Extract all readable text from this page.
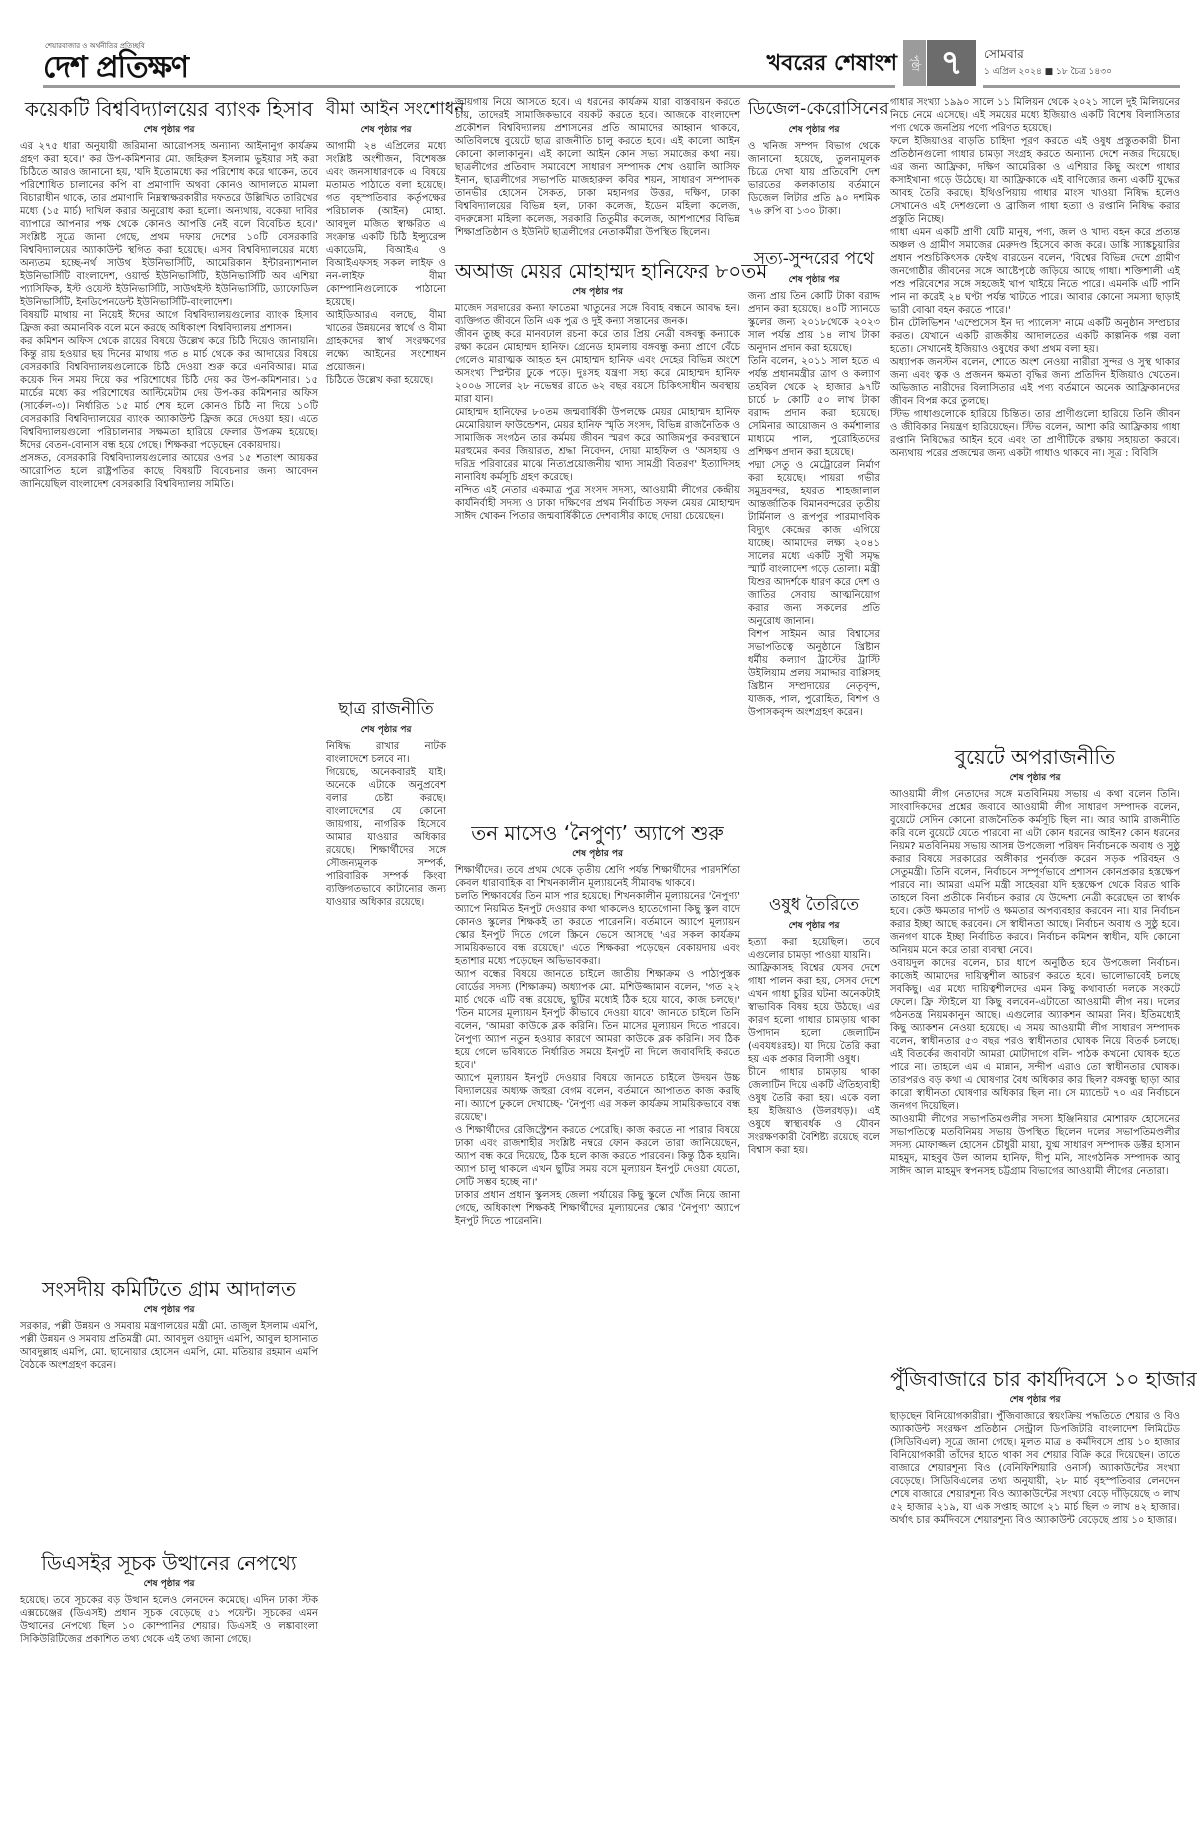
শেয়ারবাজার ও অর্থনীতির প্রতিচ্ছবি
দেশ প্রতিক্ষণ	খবরের শেষাংশ	পৃষ্ঠা ৭	সোমবার
১ এপ্রিল ২০২৪ ■ ১৮ চৈত্র ১৪৩০
কয়েকটি বিশ্ববিদ্যালয়ের ব্যাংক হিসাব
শেষ পৃষ্ঠার পর

এর ২৭৫ ধারা অনুযায়ী জরিমানা আরোপসহ অন্যান্য আইনানুগ কার্যক্রম গ্রহণ করা হবে।' কর উপ-কমিশনার মো. জহিরুল ইসলাম ভুইয়ার সই করা চিঠিতে আরও জানানো হয়, 'যদি ইতোমধ্যে কর পরিশোধ করে থাকেন, তবে পরিশোধিত চালানের কপি বা প্রমাণাদি অথবা কোনও আদালতে মামলা বিচারাধীন থাকে, তার প্রমাণাদি নিম্নস্বাক্ষরকারীর দফতরে উল্লিখিত তারিখের মধ্যে (১৫ মার্চ) দাখিল করার অনুরোধ করা হলো। অন্যথায়, বকেয়া দাবির ব্যাপারে আপনার পক্ষ থেকে কোনও আপত্তি নেই বলে বিবেচিত হবে।' সংশ্লিষ্ট সূত্রে জানা গেছে, প্রথম দফায় দেশের ১০টি বেসরকারি বিশ্ববিদ্যালয়ের অ্যাকাউন্ট স্থগিত করা হয়েছে। এসব বিশ্ববিদ্যালয়ের মধ্যে অন্যতম হচ্ছে-নর্থ সাউথ ইউনিভার্সিটি, আমেরিকান ইন্টারন্যাশনাল ইউনিভার্সিটি বাংলাদেশ, ওয়ার্ল্ড ইউনিভার্সিটি, ইউনিভার্সিটি অব এশিয়া প্যাসিফিক, ইস্ট ওয়েস্ট ইউনিভার্সিটি, সাউথইস্ট ইউনিভার্সিটি, ড্যাফোডিল ইউনিভার্সিটি, ইনডিপেনডেন্ট ইউনিভার্সিটি-বাংলাদেশ।

বিষয়টি মাথায় না নিয়েই ঈদের আগে বিশ্ববিদ্যালয়গুলোর ব্যাংক হিসাব ফ্রিজ করা অমানবিক বলে মনে করছে অধিকাংশ বিশ্ববিদ্যালয় প্রশাসন।

কর কমিশন অফিস থেকে রায়ের বিষয়ে উল্লেখ করে চিঠি দিয়েও জানায়নি। কিন্তু রায় হওয়ার ছয় দিনের মাথায় গত ৪ মার্চ থেকে কর আদায়ের বিষয়ে বেসরকারি বিশ্ববিদ্যালয়গুলোকে চিঠি দেওয়া শুরু করে এনবিআর। মাত্র কয়েক দিন সময় দিয়ে কর পরিশোধের চিঠি দেয় কর উপ-কমিশনার। ১৫ মার্চের মধ্যে কর পরিশোধের আল্টিমেটাম দেয় উপ-কর কমিশনার অফিস (সার্কেল-৩)। নির্ধারিত ১৫ মার্চ শেষ হলে কোনও চিঠি না দিয়ে ১০টি বেসরকারি বিশ্ববিদ্যালয়ের ব্যাংক অ্যাকাউন্ট ফ্রিজ করে দেওয়া হয়। এতে বিশ্ববিদ্যালয়গুলো পরিচালনার সক্ষমতা হারিয়ে ফেলার উপক্রম হয়েছে। ঈদের বেতন-বোনাস বন্ধ হয়ে গেছে। শিক্ষকরা পড়েছেন বেকায়দায়।

প্রসঙ্গত, বেসরকারি বিশ্ববিদ্যালয়গুলোর আয়ের ওপর ১৫ শতাংশ আয়কর আরোপিত হলে রাষ্ট্রপতির কাছে বিষয়টি বিবেচনার জন্য আবেদন জানিয়েছিল বাংলাদেশ বেসরকারি বিশ্ববিদ্যালয় সমিতি।

সংসদীয় কমিটিতে গ্রাম আদালত
শেষ পৃষ্ঠার পর

সরকার, পল্লী উন্নয়ন ও সমবায় মন্ত্রণালয়ের মন্ত্রী মো. তাজুল ইসলাম এমপি, পল্লী উন্নয়ন ও সমবায় প্রতিমন্ত্রী মো. আবদুল ওয়াদুদ এমপি, আবুল হাসানাত আবদুল্লাহ এমপি, মো. ছানোয়ার হোসেন এমপি, মো. মতিয়ার রহমান এমপি বৈঠকে অংশগ্রহণ করেন।

ডিএসইর সূচক উত্থানের নেপথ্যে
শেষ পৃষ্ঠার পর

হয়েছে। তবে সূচকের বড় উত্থান হলেও লেনদেন কমেছে। এদিন ঢাকা স্টক এক্সচেঞ্জের (ডিএসই) প্রধান সূচক বেড়েছে ৫১ পয়েন্ট। সূচকের এমন উত্থানের নেপথ্যে ছিল ১০ কোম্পানির শেয়ার। ডিএসই ও লঙ্কাবাংলা সিকিউরিটিজের প্রকাশিত তথ্য থেকে এই তথ্য জানা গেছে।

বীমা আইন সংশোধন
শেষ পৃষ্ঠার পর

আগামী ২৪ এপ্রিলের মধ্যে সংশ্লিষ্ট অংশীজন, বিশেষজ্ঞ এবং জনসাধারণকে এ বিষয়ে মতামত পাঠাতে বলা হয়েছে। গত বৃহস্পতিবার কর্তৃপক্ষের পরিচালক (আইন) মোহা. আবদুল মজিত স্বাক্ষরিত এ সংক্রান্ত একটি চিঠি ইন্স্যুরেন্স একাডেমি, বিআইএ ও বিআইএফসহ সকল লাইফ ও নন-লাইফ বীমা কোম্পানিগুলোকে পাঠানো হয়েছে।

আইডিআরএ বলছে, বীমা খাতের উন্নয়নের স্বার্থে ও বীমা গ্রাহকদের স্বার্থ সংরক্ষণের লক্ষ্যে আইনের সংশোধন প্রয়োজন।

চিঠিতে উল্লেখ করা হয়েছে।

ছাত্র রাজনীতি
শেষ পৃষ্ঠার পর

নিষিদ্ধ রাখার নাটক বাংলাদেশে চলবে না।

গিয়েছে, অনেকবারই যাই। অনেকে এটাকে অনুপ্রবেশ বলার চেষ্টা করছে। বাংলাদেশের যে কোনো জায়গায়, নাগরিক হিসেবে আমার যাওয়ার অধিকার রয়েছে। শিক্ষার্থীদের সঙ্গে সৌজন্যমূলক সম্পর্ক, পারিবারিক সম্পর্ক কিংবা ব্যক্তিগতভাবে কাটানোর জন্য যাওয়ার অধিকার রয়েছে।

জায়গায় নিয়ে আসতে হবে। এ ধরনের কার্যক্রম যারা বাস্তবায়ন করতে চায়, তাদেরই সামাজিকভাবে বয়কট করতে হবে। আজকে বাংলাদেশ প্রকৌশল বিশ্ববিদ্যালয় প্রশাসনের প্রতি আমাদের আহ্বান থাকবে, অতিবিলম্বে বুয়েটে ছাত্র রাজনীতি চালু করতে হবে। এই কালো আইন কোনো কালাকানুন। এই কালো আইন কোন সভ্য সমাজের কথা নয়। ছাত্রলীগের প্রতিবাদ সমাবেশে সাধারণ সম্পাদক শেখ ওয়ালি আসিফ ইনান, ছাত্রলীগের সভাপতি মাজহারুল কবির শয়ন, সাধারণ সম্পাদক তানভীর হোসেন সৈকত, ঢাকা মহানগর উত্তর, দক্ষিণ, ঢাকা বিশ্ববিদ্যালয়ের বিভিন্ন হল, ঢাকা কলেজ, ইডেন মহিলা কলেজ, বদরুন্নেসা মহিলা কলেজ, সরকারি তিতুমীর কলেজ, আশপাশের বিভিন্ন শিক্ষাপ্রতিষ্ঠান ও ইউনিট ছাত্রলীগের নেতাকর্মীরা উপস্থিত ছিলেন।

অআজ মেয়র মোহাম্মদ হানিফের ৮০তম
শেষ পৃষ্ঠার পর

মাজেদ সরদারের কন্যা ফাতেমা খাতুনের সঙ্গে বিবাহ বন্ধনে আবদ্ধ হন। ব্যক্তিগত জীবনে তিনি এক পুত্র ও দুই কন্যা সন্তানের জনক।

জীবন তুচ্ছ করে মানবঢাল রচনা করে তার প্রিয় নেত্রী বঙ্গবন্ধু কন্যাকে রক্ষা করেন মোহাম্মদ হানিফ। গ্রেনেড হামলায় বঙ্গবন্ধু কন্যা প্রাণে বেঁচে গেলেও মারাত্মক আহত হন মোহাম্মদ হানিফ এবং দেহের বিভিন্ন অংশে অসংখ্য স্প্লিন্টার ঢুকে পড়ে। দুঃসহ যন্ত্রণা সহ্য করে মোহাম্মদ হানিফ ২০০৬ সালের ২৮ নভেম্বর রাতে ৬২ বছর বয়সে চিকিৎসাধীন অবস্থায় মারা যান।

মোহাম্মদ হানিফের ৮০তম জন্মবার্ষিকী উপলক্ষে মেয়র মোহাম্মদ হানিফ মেমোরিয়াল ফাউন্ডেশন, মেয়র হানিফ স্মৃতি সংসদ, বিভিন্ন রাজনৈতিক ও সামাজিক সংগঠন তার কর্মময় জীবন স্মরণ করে আজিমপুর কবরস্থানে মরহুমের কবর জিয়ারত, শ্রদ্ধা নিবেদন, দোয়া মাহফিল ও 'অসহায় ও দরিদ্র পরিবারের মাঝে নিত্যপ্রয়োজনীয় খাদ্য সামগ্রী বিতরণ' ইত্যাদিসহ নানাবিধ কর্মসূচি গ্রহণ করেছে।

নন্দিত এই নেতার একমাত্র পুত্র সংসদ সদস্য, আওয়ামী লীগের কেন্দ্রীয় কার্যনির্বাহী সদস্য ও ঢাকা দক্ষিণের প্রথম নির্বাচিত সফল মেয়র মোহাম্মদ সাঈদ খোকন পিতার জন্মবার্ষিকীতে দেশবাসীর কাছে দোয়া চেয়েছেন।

তন মাসেও ‘নৈপুণ্য’ অ্যাপে শুরু
শেষ পৃষ্ঠার পর

শিক্ষার্থীদের। তবে প্রথম থেকে তৃতীয় শ্রেণি পর্যন্ত শিক্ষার্থীদের পারদর্শিতা কেবল ধারাবাহিক বা শিখনকালীন মূল্যায়নেই সীমাবদ্ধ থাকবে।

চলতি শিক্ষাবর্ষের তিন মাস পার হয়েছে। শিখনকালীন মূল্যায়নের 'নৈপুণ্য' অ্যাপে নিয়মিত ইনপুট দেওয়ার কথা থাকলেও হাতেগোনা কিছু স্কুল বাদে কোনও স্কুলের শিক্ষকই তা করতে পারেননি। বর্তমানে অ্যাপে মূল্যায়ন স্কোর ইনপুট দিতে গেলে স্ক্রিনে ভেসে আসছে 'এর সকল কার্যক্রম সাময়িকভাবে বন্ধ রয়েছে।' এতে শিক্ষকরা পড়েছেন বেকায়দায় এবং হতাশার মধ্যে পড়েছেন অভিভাবকরা।

অ্যাপ বন্ধের বিষয়ে জানতে চাইলে জাতীয় শিক্ষাক্রম ও পাঠ্যপুস্তক বোর্ডের সদস্য (শিক্ষাক্রম) অধ্যাপক মো. মশিউজ্জামান বলেন, 'গত ২২ মার্চ থেকে এটি বন্ধ রয়েছে, ছুটির মধ্যেই ঠিক হয়ে যাবে, কাজ চলছে।' 'তিন মাসের মূল্যায়ন ইনপুট কীভাবে দেওয়া যাবে' জানতে চাইলে তিনি বলেন, 'আমরা কাউকে ব্লক করিনি। তিন মাসের মূল্যায়ন দিতে পারবে। নৈপুণ্য অ্যাপ নতুন হওয়ার কারণে আমরা কাউকে ব্লক করিনি। সব ঠিক হয়ে গেলে ভবিষ্যতে নির্ধারিত সময়ে ইনপুট না দিলে জবাবদিহি করতে হবে।'

অ্যাপে মূল্যায়ন ইনপুট দেওয়ার বিষয়ে জানতে চাইলে উদয়ন উচ্চ বিদ্যালয়ের অধ্যক্ষ জহুরা বেগম বলেন, বর্তমানে আপাতত কাজ করছি না। অ্যাপে ঢুকলে দেখাচ্ছে- 'নৈপুণ্য এর সকল কার্যক্রম সাময়িকভাবে বন্ধ রয়েছে'।

ও শিক্ষার্থীদের রেজিস্ট্রেশন করতে পেরেছি। কাজ করতে না পারার বিষয়ে ঢাকা এবং রাজশাহীর সংশ্লিষ্ট নম্বরে ফোন করলে তারা জানিয়েছেন, অ্যাপ বন্ধ করে দিয়েছে, ঠিক হলে কাজ করতে পারবেন। কিন্তু ঠিক হয়নি। অ্যাপ চালু থাকলে এখন ছুটির সময় বসে মূল্যায়ন ইনপুট দেওয়া যেতো, সেটি সম্ভব হচ্ছে না।'

ঢাকার প্রধান প্রধান স্কুলসহ জেলা পর্যায়ের কিছু স্কুলে খোঁজ নিয়ে জানা গেছে, অধিকাংশ শিক্ষকই শিক্ষার্থীদের মূল্যায়নের স্কোর 'নৈপুণ্য' অ্যাপে ইনপুট দিতে পারেননি।

ডিজেল-কেরোসিনের
শেষ পৃষ্ঠার পর

ও খনিজ সম্পদ বিভাগ থেকে জানানো হয়েছে, তুলনামূলক চিত্রে দেখা যায় প্রতিবেশি দেশ ভারতের কলকাতায় বর্তমানে ডিজেল লিটার প্রতি ৯০ দশমিক ৭৬ রুপি বা ১৩০ টাকা।

সত্য-সুন্দরের পথে
শেষ পৃষ্ঠার পর

জন্য প্রায় তিন কোটি টাকা বরাদ্দ প্রদান করা হয়েছে। ৪০টি স্যানডে স্কুলের জন্য ২০১৮থেকে ২০২৩ সাল পর্যন্ত প্রায় ১৪ লাখ টাকা অনুদান প্রদান করা হয়েছে।

তিনি বলেন, ২০১১ সাল হতে এ পর্যন্ত প্রধানমন্ত্রীর ত্রাণ ও কল্যাণ তহবিল থেকে ২ হাজার ৯৭টি চার্চে ৮ কোটি ৫০ লাখ টাকা বরাদ্দ প্রদান করা হয়েছে। সেমিনার আয়োজন ও কর্মশালার মাধ্যমে পাল, পুরোহিতদের প্রশিক্ষণ প্রদান করা হয়েছে।

পদ্মা সেতু ও মেট্রোরেল নির্মাণ করা হয়েছে। পায়রা গভীর সমুদ্রবন্দর, হযরত শাহজালাল আন্তর্জাতিক বিমানবন্দরের তৃতীয় টার্মিনাল ও রূপপুর পারমাণবিক বিদ্যুৎ কেন্দ্রের কাজ এগিয়ে যাচ্ছে। আমাদের লক্ষ্য ২০৪১ সালের মধ্যে একটি সুখী সমৃদ্ধ স্মার্ট বাংলাদেশ গড়ে তোলা। মন্ত্রী যিশুর আদর্শকে ধারণ করে দেশ ও জাতির সেবায় আত্মনিয়োগ করার জন্য সকলের প্রতি অনুরোধ জানান।

বিশপ সাইমন আর বিশ্বাসের সভাপতিত্বে অনুষ্ঠানে খ্রিষ্টান ধর্মীয় কল্যাণ ট্রাস্টের ট্রাস্টি উইলিয়াম প্রলয় সমাদ্দার বাপ্পিসহ খ্রিষ্টান সম্প্রদায়ের নেতৃবৃন্দ, যাজক, পাল, পুরোহিত, বিশপ ও উপাসকবৃন্দ অংশগ্রহণ করেন।

ওষুধ তৈরিতে
শেষ পৃষ্ঠার পর

হত্যা করা হয়েছিল। তবে এগুলোর চামড়া পাওয়া যায়নি।

আফ্রিকাসহ বিশ্বের যেসব দেশে গাধা পালন করা হয়, সেসব দেশে এখন গাধা চুরির ঘটনা অনেকটাই স্বাভাবিক বিষয় হয়ে উঠছে। এর কারণ হলো গাধার চামড়ায় থাকা উপাদান হলো জেলাটিন (এবযধঃরহ)। যা দিয়ে তৈরি করা হয় এক প্রকার বিলাসী ওষুধ।

চীনে গাধার চামড়ায় থাকা জেলাটিন দিয়ে একটি ঐতিহ্যবাহী ওষুধ তৈরি করা হয়। একে বলা হয় ইজিয়াও (উলরধড়)। এই ওষুধে স্বাস্থ্যবর্ধক ও যৌবন সংরক্ষণকারী বৈশিষ্ট্য রয়েছে বলে বিশ্বাস করা হয়।

গাধার সংখ্যা ১৯৯০ সালে ১১ মিলিয়ন থেকে ২০২১ সালে দুই মিলিয়নের নিচে নেমে এসেছে। এই সময়ের মধ্যে ইজিয়াও একটি বিশেষ বিলাসিতার পণ্য থেকে জনপ্রিয় পণ্যে পরিণত হয়েছে।

ফলে ইজিয়াওর বাড়তি চাহিদা পূরণ করতে এই ওষুধ প্রস্তুতকারী চীনা প্রতিষ্ঠানগুলো গাধার চামড়া সংগ্রহ করতে অন্যান্য দেশে নজর দিয়েছে। এর জন্য আফ্রিকা, দক্ষিণ আমেরিকা ও এশিয়ার কিছু অংশে গাধার কসাইখানা গড়ে উঠেছে। যা আফ্রিকাকে এই বাণিজ্যের জন্য একটি যুদ্ধের আবহ তৈরি করছে। ইথিওপিয়ায় গাধার মাংস খাওয়া নিষিদ্ধ হলেও সেখানেও এই দেশগুলো ও ব্রাজিল গাধা হত্যা ও রপ্তানি নিষিদ্ধ করার প্রস্তুতি নিচ্ছে।

গাধা এমন একটি প্রাণী যেটি মানুষ, পণ্য, জল ও খাদ্য বহন করে প্রত্যন্ত অঞ্চল ও গ্রামীণ সমাজের মেরুদণ্ড হিসেবে কাজ করে। ডাঙ্কি স্যাঙ্কচুয়ারির প্রধান পশুচিকিৎসক ফেইথ বারডেন বলেন, 'বিশ্বের বিভিন্ন দেশে গ্রামীণ জনগোষ্ঠীর জীবনের সঙ্গে আষ্টেপৃষ্ঠে জড়িয়ে আছে গাধা। শক্তিশালী এই পশু পরিবেশের সঙ্গে সহজেই খাপ খাইয়ে নিতে পারে। এমনকি এটি পানি পান না করেই ২৪ ঘণ্টা পর্যন্ত খাটতে পারে। আবার কোনো সমস্যা ছাড়াই ভারী বোঝা বহন করতে পারে।'

চীন টেলিভিশন 'এম্প্রেসেস ইন দ্য প্যালেস' নামে একটি অনুষ্ঠান সম্প্রচার করত। যেখানে একটি রাজকীয় আদালতের একটি কাল্পনিক গল্প বলা হতো। সেখানেই ইজিয়াও ওষুধের কথা প্রথম বলা হয়।

অধ্যাপক জনস্টন বলেন, শোতে অংশ নেওয়া নারীরা সুন্দর ও সুস্থ থাকার জন্য এবং ত্বক ও প্রজনন ক্ষমতা বৃদ্ধির জন্য প্রতিদিন ইজিয়াও খেতেন। অভিজাত নারীদের বিলাসিতার এই পণ্য বর্তমানে অনেক আফ্রিকানদের জীবন বিপন্ন করে তুলছে।

স্টিভ গাধাগুলোকে হারিয়ে চিন্তিত। তার প্রাণীগুলো হারিয়ে তিনি জীবন ও জীবিকার নিয়ন্ত্রণ হারিয়েছেন। স্টিভ বলেন, আশা করি আফ্রিকায় গাধা রপ্তানি নিষিদ্ধের আইন হবে এবং তা প্রাণীটিকে রক্ষায় সহায়তা করবে। অন্যথায় পরের প্রজন্মের জন্য একটা গাধাও থাকবে না। সূত্র : বিবিসি

বুয়েটে অপরাজনীতি
শেষ পৃষ্ঠার পর

আওয়ামী লীগ নেতাদের সঙ্গে মতবিনিময় সভায় এ কথা বলেন তিনি। সাংবাদিকদের প্রশ্নের জবাবে আওয়ামী লীগ সাধারণ সম্পাদক বলেন, বুয়েটে সেদিন কোনো রাজনৈতিক কর্মসূচি ছিল না। আর আমি রাজনীতি করি বলে বুয়েটে যেতে পারবো না এটা কোন ধরনের আইন? কোন ধরনের নিয়ম? মতবিনিময় সভায় আসন্ন উপজেলা পরিষদ নির্বাচনকে অবাধ ও সুষ্ঠু করার বিষয়ে সরকারের অঙ্গীকার পুনর্ব্যক্ত করেন সড়ক পরিবহন ও সেতুমন্ত্রী। তিনি বলেন, নির্বাচনে সম্পূর্ণভাবে প্রশাসন কোনপ্রকার হস্তক্ষেপ পারবে না। আমরা এমপি মন্ত্রী সাহেবরা যদি হস্তক্ষেপ থেকে বিরত থাকি তাহলে বিনা প্রতীকে নির্বাচন করার যে উদ্দেশ্য নেত্রী করেছেন তা স্বার্থক হবে। কেউ ক্ষমতার দাপট ও ক্ষমতার অপব্যবহার করবেন না। যার নির্বাচন করার ইচ্ছা আছে করবেন। সে স্বাধীনতা আছে। নির্বাচন অবাধ ও সুষ্ঠু হবে। জনগণ যাকে ইচ্ছা নির্বাচিত করবে। নির্বাচন কমিশন স্বাধীন, যদি কোনো অনিয়ম মনে করে তারা ব্যবস্থা নেবে।

ওবায়দুল কাদের বলেন, চার ধাপে অনুষ্ঠিত হবে উপজেলা নির্বাচন। কাজেই আমাদের দায়িত্বশীল আচরণ করতে হবে। ভালোভাবেই চলছে সবকিছু। এর মধ্যে দায়িত্বশীলদের এমন কিছু কথাবার্তা দলকে সংকটে ফেলে। ফ্রি স্টাইলে যা কিছু বলবেন-এটাতো আওয়ামী লীগ নয়। দলের গঠনতন্ত্র নিয়মকানুন আছে। এগুলোর অ্যাকশন আমরা নিব। ইতিমধ্যেই কিছু অ্যাকশন নেওয়া হয়েছে। এ সময় আওয়ামী লীগ সাধারণ সম্পাদক বলেন, স্বাধীনতার ৫৩ বছর পরও স্বাধীনতার ঘোষক নিয়ে বিতর্ক চলছে। এই বিতর্কের জবাবটা আমরা মোটাদাগে বলি- পাঠক কখনো ঘোষক হতে পারে না। তাহলে এম এ মান্নান, সন্দীপ এরাও তো স্বাধীনতার ঘোষক। তারপরও বড় কথা এ ঘোষণার বৈধ অধিকার কার ছিল? বঙ্গবন্ধু ছাড়া আর কারো স্বাধীনতা ঘোষণার অধিকার ছিল না। সে ম্যান্ডেট ৭০ এর নির্বাচনে জনগণ দিয়েছিল।

আওয়ামী লীগের সভাপতিমণ্ডলীর সদস্য ইঞ্জিনিয়ার মোশারফ হোসেনের সভাপতিত্বে মতবিনিময় সভায় উপস্থিত ছিলেন দলের সভাপতিমণ্ডলীর সদস্য মোফাজ্জল হোসেন চৌধুরী মায়া, যুগ্ম সাধারণ সম্পাদক ডক্টর হাসান মাহমুদ, মাহবুব উল আলম হানিফ, দীপু মনি, সাংগঠনিক সম্পাদক আবু সাঈদ আল মাহমুদ স্বপনসহ চট্টগ্রাম বিভাগের আওয়ামী লীগের নেতারা।

পুঁজিবাজারে চার কার্যদিবসে ১০ হাজার
শেষ পৃষ্ঠার পর

ছাড়ছেন বিনিয়োগকারীরা। পুঁজিবাজারে স্বয়ংক্রিয় পদ্ধতিতে শেয়ার ও বিও অ্যাকাউন্ট সংরক্ষণ প্রতিষ্ঠান সেন্ট্রাল ডিপজিটরি বাংলাদেশ লিমিটেড (সিডিবিএল) সূত্রে জানা গেছে। মূলত মাত্র ৪ কর্মদিবসে প্রায় ১০ হাজার বিনিয়োগকারী তাঁদের হাতে থাকা সব শেয়ার বিক্রি করে দিয়েছেন। তাতে বাজারে শেয়ারশূন্য বিও (বেনিফিশিয়ারি ওনার্স) অ্যাকাউন্টের সংখ্যা বেড়েছে। সিডিবিএলের তথ্য অনুযায়ী, ২৮ মার্চ বৃহস্পতিবার লেনদেন শেষে বাজারে শেয়ারশূন্য বিও অ্যাকাউন্টের সংখ্যা বেড়ে দাঁড়িয়েছে ৩ লাখ ৫২ হাজার ২১৯, যা এক সপ্তাহ আগে ২১ মার্চ ছিল ৩ লাখ ৪২ হাজার। অর্থাৎ চার কর্মদিবসে শেয়ারশূন্য বিও অ্যাকাউন্ট বেড়েছে প্রায় ১০ হাজার।
